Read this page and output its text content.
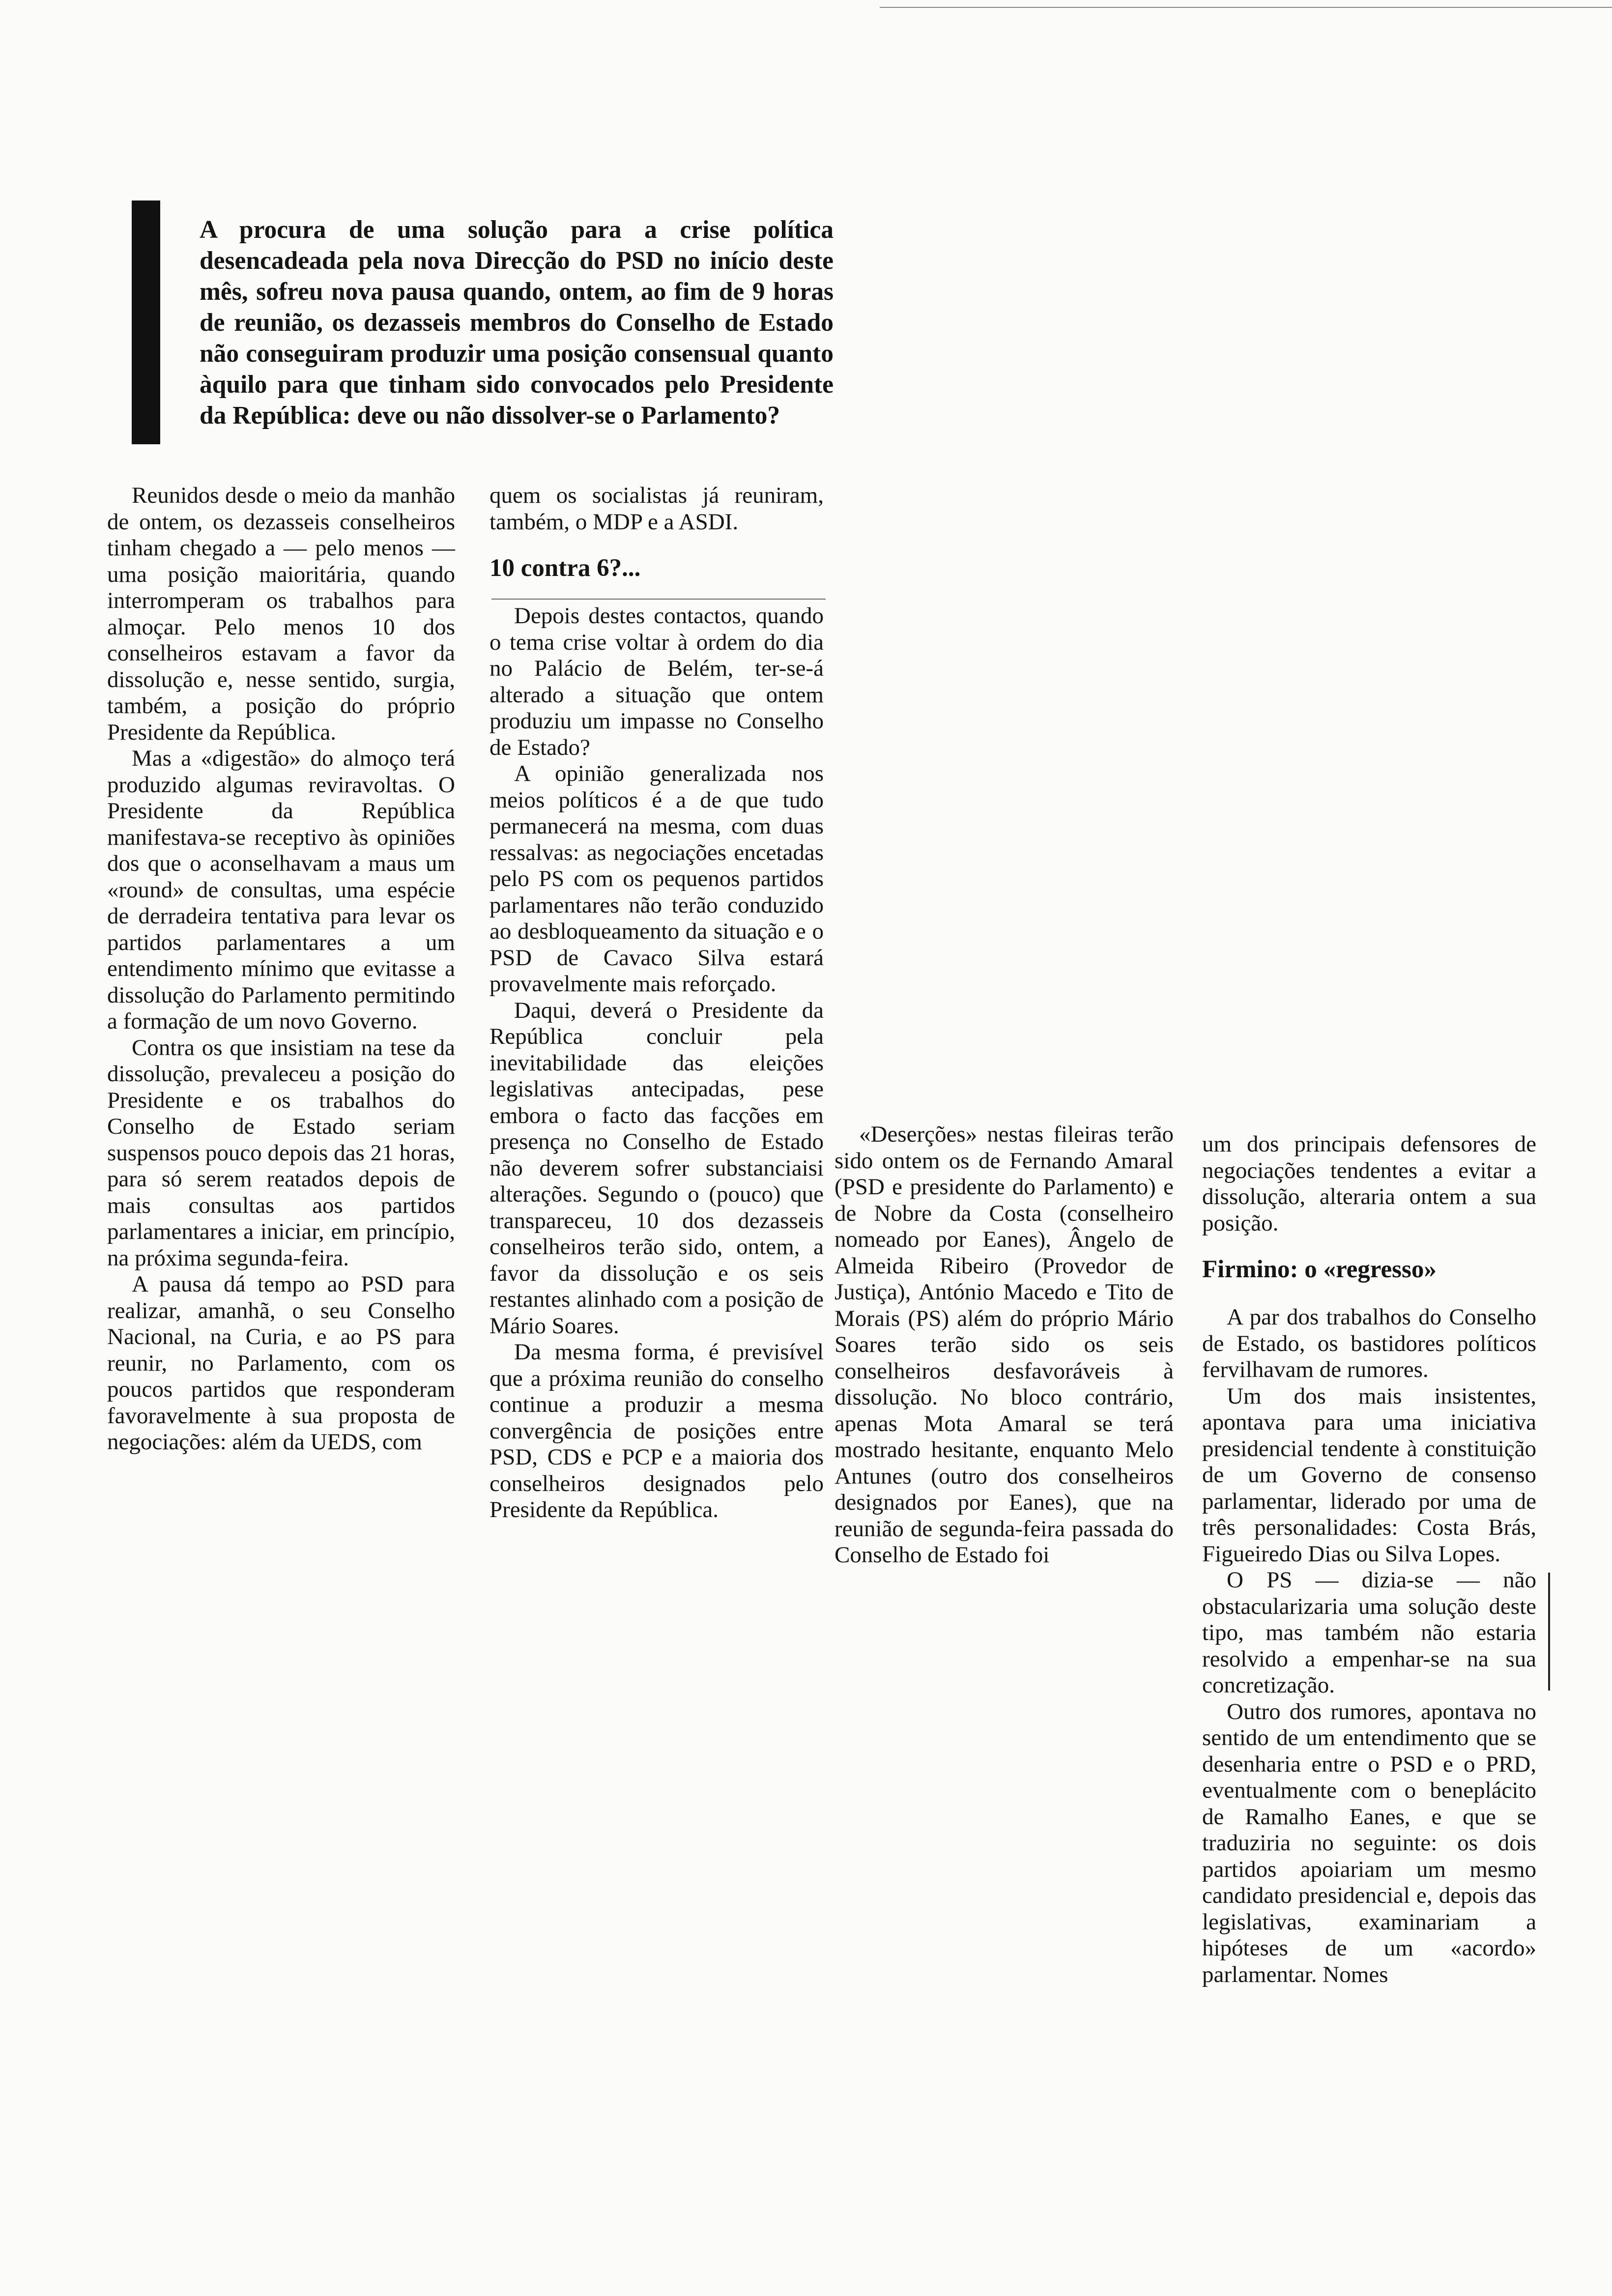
A procura de uma solução para a crise política desencadeada pela nova Direcção do PSD no início deste mês, sofreu nova pausa quando, ontem, ao fim de 9 horas de reunião, os dezasseis membros do Conselho de Estado não conseguiram produzir uma posição consensual quanto àquilo para que tinham sido convocados pelo Presidente da República: deve ou não dissolver-se o Parlamento?

Reunidos desde o meio da manhão de ontem, os dezasseis conselheiros tinham chegado a — pelo menos — uma posição maioritária, quando interromperam os trabalhos para almoçar. Pelo menos 10 dos conselheiros estavam a favor da dissolução e, nesse sentido, surgia, também, a posição do próprio Presidente da República.

Mas a «digestão» do almoço terá produzido algumas reviravoltas. O Presidente da República manifestava-se receptivo às opiniões dos que o aconselhavam a maus um «round» de consultas, uma espécie de derradeira tentativa para levar os partidos parlamentares a um entendimento mínimo que evitasse a dissolução do Parlamento permitindo a formação de um novo Governo.

Contra os que insistiam na tese da dissolução, prevaleceu a posição do Presidente e os trabalhos do Conselho de Estado seriam suspensos pouco depois das 21 horas, para só serem reatados depois de mais consultas aos partidos parlamentares a iniciar, em princípio, na próxima segunda-feira.

A pausa dá tempo ao PSD para realizar, amanhã, o seu Conselho Nacional, na Curia, e ao PS para reunir, no Parlamento, com os poucos partidos que responderam favoravelmente à sua proposta de negociações: além da UEDS, com

quem os socialistas já reuniram, também, o MDP e a ASDI.

10 contra 6?...

Depois destes contactos, quando o tema crise voltar à ordem do dia no Palácio de Belém, ter-se-á alterado a situação que ontem produziu um impasse no Conselho de Estado?

A opinião generalizada nos meios políticos é a de que tudo permanecerá na mesma, com duas ressalvas: as negociações encetadas pelo PS com os pequenos partidos parlamentares não terão conduzido ao desbloqueamento da situação e o PSD de Cavaco Silva estará provavelmente mais reforçado.

Daqui, deverá o Presidente da República concluir pela inevitabilidade das eleições legislativas antecipadas, pese embora o facto das facções em presença no Conselho de Estado não deverem sofrer substanciaisi alterações. Segundo o (pouco) que transpareceu, 10 dos dezasseis conselheiros terão sido, ontem, a favor da dissolução e os seis restantes alinhado com a posição de Mário Soares.

Da mesma forma, é previsível que a próxima reunião do conselho continue a produzir a mesma convergência de posições entre PSD, CDS e PCP e a maioria dos conselheiros designados pelo Presidente da República.

«Deserções» nestas fileiras terão sido ontem os de Fernando Amaral (PSD e presidente do Parlamento) e de Nobre da Costa (conselheiro nomeado por Eanes), Ângelo de Almeida Ribeiro (Provedor de Justiça), António Macedo e Tito de Morais (PS) além do próprio Mário Soares terão sido os seis conselheiros desfavoráveis à dissolução. No bloco contrário, apenas Mota Amaral se terá mostrado hesitante, enquanto Melo Antunes (outro dos conselheiros designados por Eanes), que na reunião de segunda-feira passada do Conselho de Estado foi

um dos principais defensores de negociações tendentes a evitar a dissolução, alteraria ontem a sua posição.

Firmino: o «regresso»

A par dos trabalhos do Conselho de Estado, os bastidores políticos fervilhavam de rumores.

Um dos mais insistentes, apontava para uma iniciativa presidencial tendente à constituição de um Governo de consenso parlamentar, liderado por uma de três personalidades: Costa Brás, Figueiredo Dias ou Silva Lopes.

O PS — dizia-se — não obstacularizaria uma solução deste tipo, mas também não estaria resolvido a empenhar-se na sua concretização.

Outro dos rumores, apontava no sentido de um entendimento que se desenharia entre o PSD e o PRD, eventualmente com o beneplácito de Ramalho Eanes, e que se traduziria no seguinte: os dois partidos apoiariam um mesmo candidato presidencial e, depois das legislativas, examinariam a hipóteses de um «acordo» parlamentar. Nomes
